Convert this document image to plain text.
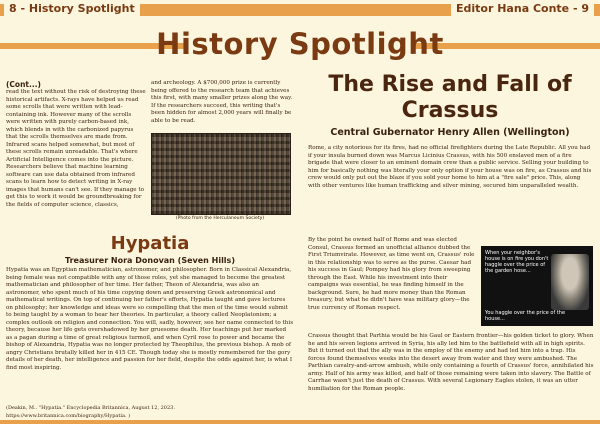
8 - History Spotlight	Editor Hana Conte - 9
History Spotlight
(Cont...)

read the text without the risk of destroying these historical artifacts. X-rays have helped us read some scrolls that were written with lead-containing ink. However many of the scrolls were written with purely carbon-based ink, which blends in with the carbonized papyrus that the scrolls themselves are made from. Infrared scans helped somewhat, but most of these scrolls remain unreadable. That's where Artificial Intelligence comes into the picture. Researchers believe that machine learning software can use data obtained from infrared scans to learn how to detect writing in X-ray images that humans can't see. If they manage to get this to work it would be groundbreaking for the fields of computer science, classics,

and archeology. A $700,000 prize is currently being offered to the research team that achieves this first, with many smaller prizes along the way. If the researchers succeed, this writing that's been hidden for almost 2,000 years will finally be able to be read.

(Photo from the Herculaneum Society)
Hypatia
Treasurer Nora Donovan (Seven Hills)

Hypatia was an Egyptian mathematician, astronomer, and philosopher. Born in Classical Alexandria, being female was not compatible with any of those roles, yet she managed to become the greatest mathematician and philosopher of her time. Her father, Theon of Alexandria, was also an astronomer, who spent much of his time copying down and preserving Greek astronomical and mathematical writings. On top of continuing her father's efforts, Hypatia taught and gave lectures on philosophy; her knowledge and ideas were so compelling that the men of the time would submit to being taught by a woman to hear her theories. In particular, a theory called Neoplatonism; a complex outlook on religion and connection. You will, sadly, however, see her name connected to this theory, because her life gets overshadowed by her gruesome death. Her teachings put her marked as a pagan during a time of great religious turmoil, and when Cyril rose to power and became the bishop of Alexandria, Hypatia was no longer protected by Theophilus, the previous bishop. A mob of angry Christians brutally killed her in 415 CE. Though today she is mostly remembered for the gory details of her death, her intelligence and passion for her field, despite the odds against her, is what I find most inspiring.

(Deakin, M.. "Hypatia." Encyclopedia Britannica, August 12, 2023. https://www.britannica.com/biography/Hypatia. )

The Rise and Fall of Crassus
Central Gubernator Henry Allen (Wellington)

Rome, a city notorious for its fires, had no official firefighters during the Late Republic. All you had if your insula burned down was Marcus Licinius Crassus, with his 500 enslaved men of a fire brigade that were closer to an eminent domain crew than a public service. Selling your building to him for basically nothing was literally your only option if your house was on fire, as Crassus and his crew would only put out the blaze if you sold your home to him at a "fire sale" price. This, along with other ventures like human trafficking and silver mining, secured him unparalleled wealth.

By the point he owned half of Rome and was elected Consul, Crassus formed an unofficial alliance dubbed the First Triumvirate. However, as time went on, Crassus' role in this relationship was to serve as the purse. Caesar had his success in Gaul; Pompey had his glory from sweeping through the East. While his investment into their campaigns was essential, he was finding himself in the background. Sure, he had more money than the Roman treasury, but what he didn't have was military glory—the true currency of Roman respect.

When your neighbor's house is on fire you don't haggle over the price of the garden hose...
You haggle over the price of the house...

Crassus thought that Parthia would be his Gaul or Eastern frontier—his golden ticket to glory. When he and his seven legions arrived in Syria, his ally led him to the battlefield with all in high spirits. But it turned out that the ally was in the employ of the enemy and had led him into a trap. His forces found themselves weeks into the desert away from water and they were ambushed. The Parthian cavalry-and-arrow ambush, while only containing a fourth of Crassus' force, annihilated his army. Half of his army was killed, and half of those remaining were taken into slavery. The Battle of Carrhae wasn't just the death of Crassus. With several Legionary Eagles stolen, it was an utter humiliation for the Roman people.
